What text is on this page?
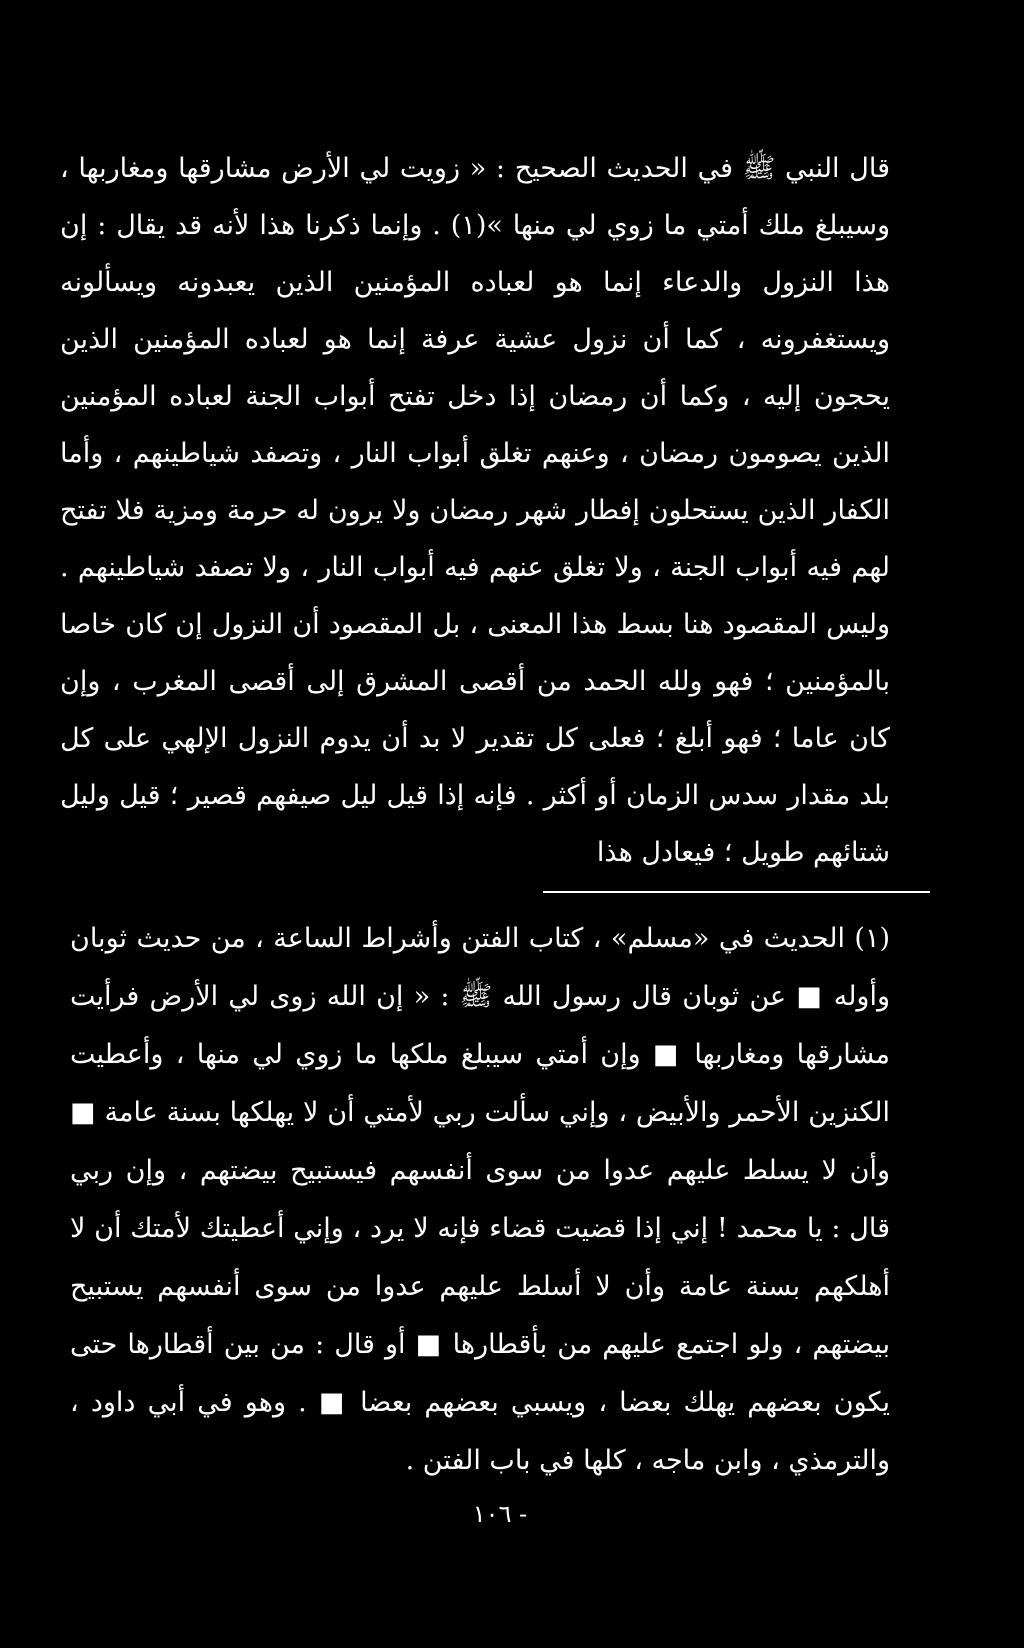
قال النبي ﷺ في الحديث الصحيح : « زويت لي الأرض مشارقها ومغاربها ، وسيبلغ ملك أمتي ما زوي لي منها »(١) . وإنما ذكرنا هذا لأنه قد يقال : إن هذا النزول والدعاء إنما هو لعباده المؤمنين الذين يعبدونه ويسألونه ويستغفرونه ، كما أن نزول عشية عرفة إنما هو لعباده المؤمنين الذين يحجون إليه ، وكما أن رمضان إذا دخل تفتح أبواب الجنة لعباده المؤمنين الذين يصومون رمضان ، وعنهم تغلق أبواب النار ، وتصفد شياطينهم ، وأما الكفار الذين يستحلون إفطار شهر رمضان ولا يرون له حرمة ومزية فلا تفتح لهم فيه أبواب الجنة ، ولا تغلق عنهم فيه أبواب النار ، ولا تصفد شياطينهم . وليس المقصود هنا بسط هذا المعنى ، بل المقصود أن النزول إن كان خاصا بالمؤمنين ؛ فهو ولله الحمد من أقصى المشرق إلى أقصى المغرب ، وإن كان عاما ؛ فهو أبلغ ؛ فعلى كل تقدير لا بد أن يدوم النزول الإلهي على كل بلد مقدار سدس الزمان أو أكثر . فإنه إذا قيل ليل صيفهم قصير ؛ قيل وليل شتائهم طويل ؛ فيعادل هذا

(١) الحديث في «مسلم» ، كتاب الفتن وأشراط الساعة ، من حديث ثوبان وأوله ■ عن ثوبان قال رسول الله ﷺ : « إن الله زوى لي الأرض فرأيت مشارقها ومغاربها ■ وإن أمتي سيبلغ ملكها ما زوي لي منها ، وأعطيت الكنزين الأحمر والأبيض ، وإني سألت ربي لأمتي أن لا يهلكها بسنة عامة ■ وأن لا يسلط عليهم عدوا من سوى أنفسهم فيستبيح بيضتهم ، وإن ربي قال : يا محمد ! إني إذا قضيت قضاء فإنه لا يرد ، وإني أعطيتك لأمتك أن لا أهلكهم بسنة عامة وأن لا أسلط عليهم عدوا من سوى أنفسهم يستبيح بيضتهم ، ولو اجتمع عليهم من بأقطارها ■ أو قال : من بين أقطارها حتى يكون بعضهم يهلك بعضا ، ويسبي بعضهم بعضا ■ . وهو في أبي داود ، والترمذي ، وابن ماجه ، كلها في باب الفتن .

- ١٠٦
